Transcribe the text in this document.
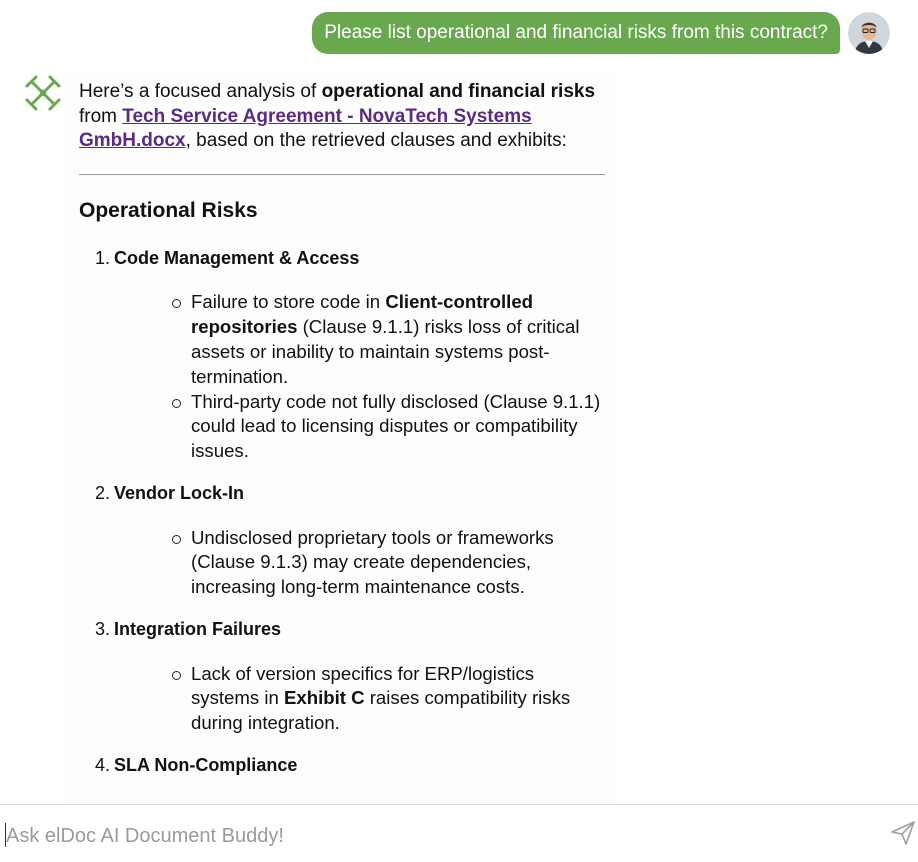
Please list operational and financial risks from this contract?

Here’s a focused analysis of operational and financial risks from Tech Service Agreement - NovaTech Systems GmbH.docx, based on the retrieved clauses and exhibits:

Operational Risks
1. Code Management & Access
Failure to store code in Client-controlled repositories (Clause 9.1.1) risks loss of critical assets or inability to maintain systems post-termination.
Third-party code not fully disclosed (Clause 9.1.1) could lead to licensing disputes or compatibility issues.
2. Vendor Lock-In
Undisclosed proprietary tools or frameworks (Clause 9.1.3) may create dependencies, increasing long-term maintenance costs.
3. Integration Failures
Lack of version specifics for ERP/logistics systems in Exhibit C raises compatibility risks during integration.
4. SLA Non-Compliance
Ask elDoc AI Document Buddy!
